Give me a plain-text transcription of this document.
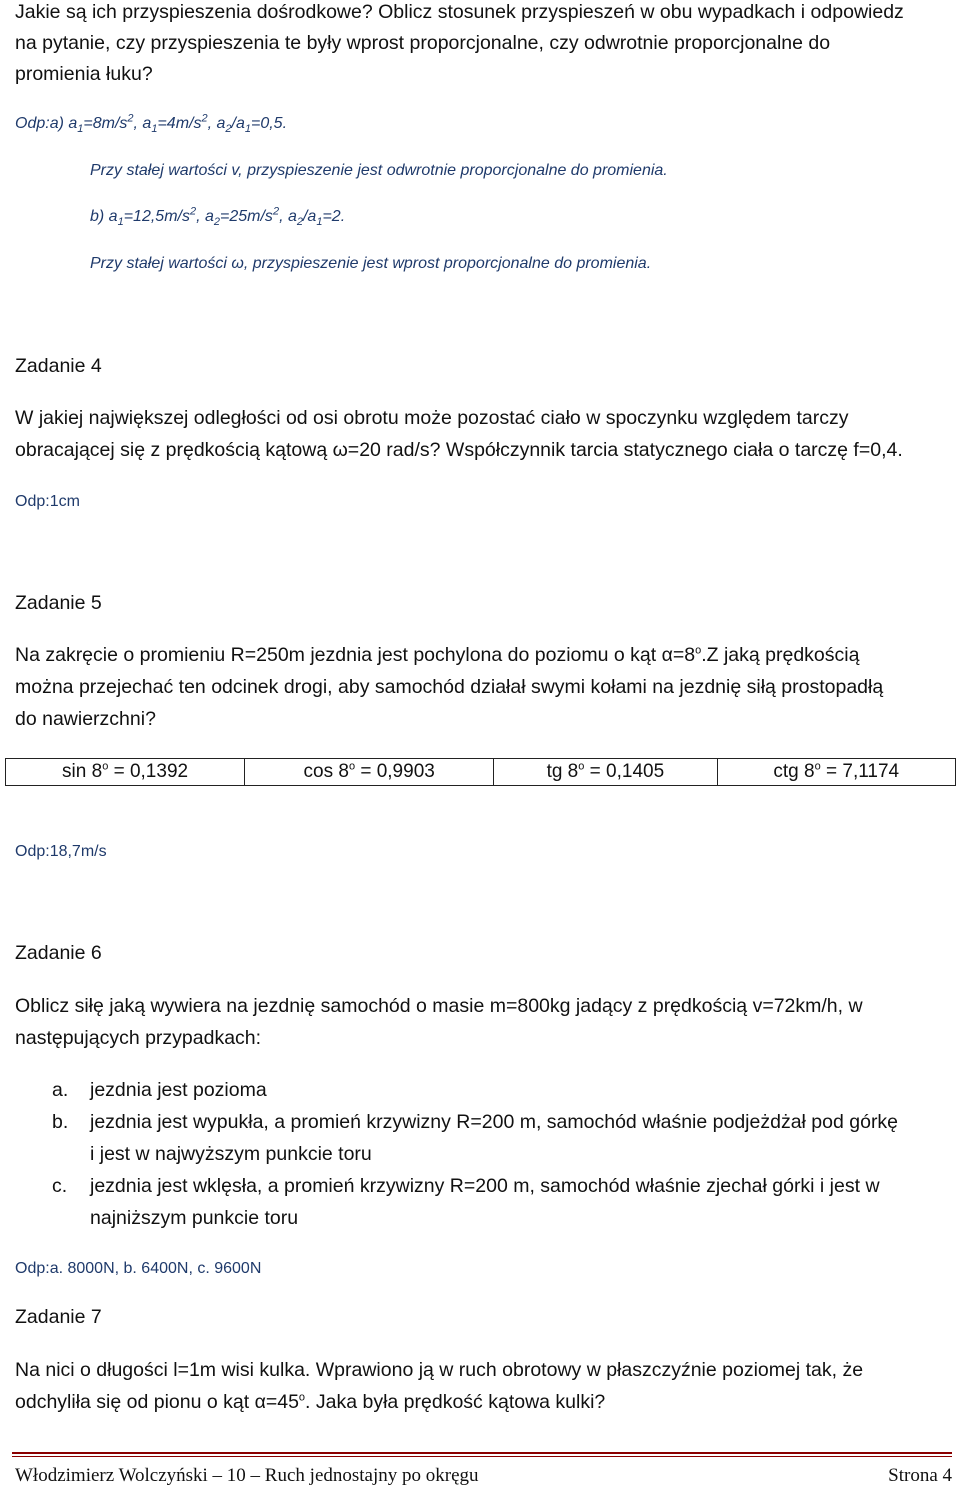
Jakie są ich przyspieszenia dośrodkowe? Oblicz stosunek przyspieszeń w obu wypadkach i odpowiedz
na pytanie, czy przyspieszenia te były wprost proporcjonalne, czy odwrotnie proporcjonalne do
promienia łuku?
Odp:a) $a_1=8m/s^2$, $a_1=4m/s^2$, $a_2/a_1=0,5$.
Przy stałej wartości v, przyspieszenie jest odwrotnie proporcjonalne do promienia.
b) $a_1=12,5m/s^2$, $a_2=25m/s^2$, $a_2/a_1=2$.
Przy stałej wartości ω, przyspieszenie jest wprost proporcjonalne do promienia.
Zadanie 4
W jakiej największej odległości od osi obrotu może pozostać ciało w spoczynku względem tarczy
obracającej się z prędkością kątową ω=20 rad/s? Współczynnik tarcia statycznego ciała o tarczę f=0,4.
Odp:1cm
Zadanie 5
Na zakręcie o promieniu R=250m jezdnia jest pochylona do poziomu o kąt $\alpha=8^o.Z$ jaką prędkością
można przejechać ten odcinek drogi, aby samochód działał swymi kołami na jezdnię siłą prostopadłą
do nawierzchni?
$\sin 8^o = 0,1392$	$\cos 8^o = 0,9903$	tg $8^o = 0,1405$	ctg $8^o = 7,1174$
Odp:18,7m/s
Zadanie 6
Oblicz siłę jaką wywiera na jezdnię samochód o masie m=800kg jadący z prędkością v=72km/h, w
następujących przypadkach:
a. jezdnia jest pozioma
b. jezdnia jest wypukła, a promień krzywizny R=200 m, samochód właśnie podjeżdżał pod górkę
i jest w najwyższym punkcie toru
c. jezdnia jest wklęsła, a promień krzywizny R=200 m, samochód właśnie zjechał górki i jest w
najniższym punkcie toru
Odp:a. 8000N, b. 6400N, c. 9600N
Zadanie 7
Na nici o długości l=1m wisi kulka. Wprawiono ją w ruch obrotowy w płaszczyźnie poziomej tak, że
odchyliła się od pionu o kąt $\alpha=45^o$. Jaka była prędkość kątowa kulki?
Włodzimierz Wolczyński – 10 – Ruch jednostajny po okręgu	Strona 4
